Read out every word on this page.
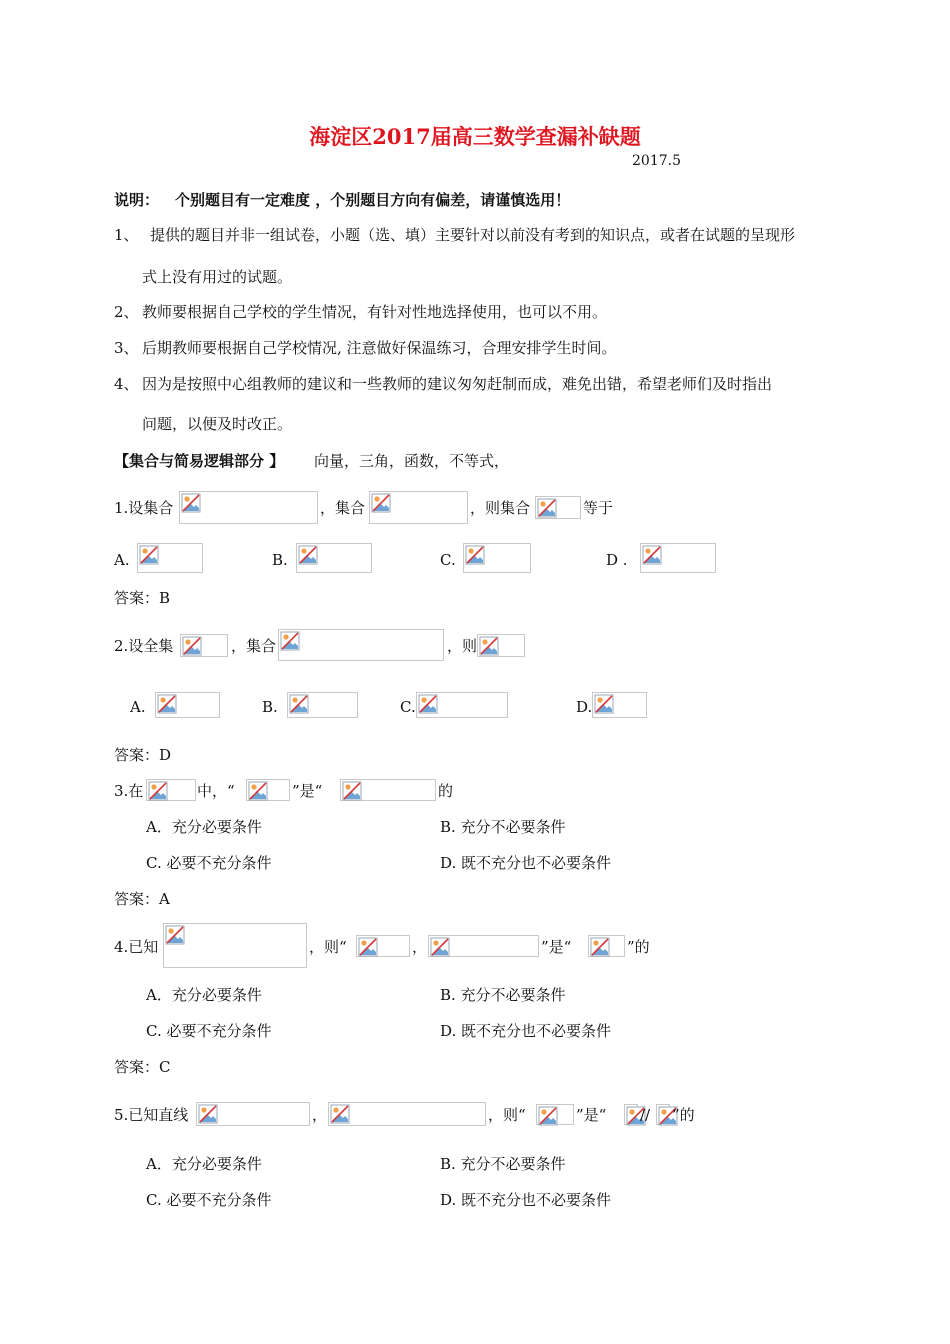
海淀区2017届高三数学查漏补缺题
2017.5
说明： 个别题目有一定难度 ，个别题目方向有偏差，请谨慎选用！
1、 提供的题目并非一组试卷，小题（选、填）主要针对以前没有考到的知识点，或者在试题的呈现形
式上没有用过的试题。
2、 教师要根据自己学校的学生情况，有针对性地选择使用，也可以不用。
3、 后期教师要根据自己学校情况, 注意做好保温练习，合理安排学生时间。
4、 因为是按照中心组教师的建议和一些教师的建议匆匆赶制而成，难免出错，希望老师们及时指出
问题，以便及时改正。
【集合与简易逻辑部分 】 向量，三角，函数，不等式，
1.设集合	，集合	，则集合	等于
A.	B.	C.	D .
答案：B
2.设全集	，集合	，则
A.	B.	C.	D.
答案：D
3.在	中，“	”是“	的
A．充分必要条件	B. 充分不必要条件
C. 必要不充分条件	D. 既不充分也不必要条件
答案：A
4.已知	，则“	，	”是“	”的
A．充分必要条件	B. 充分不必要条件
C. 必要不充分条件	D. 既不充分也不必要条件
答案：C
5.已知直线	，	，则“	”是“ // ”的
A．充分必要条件	B. 充分不必要条件
C. 必要不充分条件	D. 既不充分也不必要条件
